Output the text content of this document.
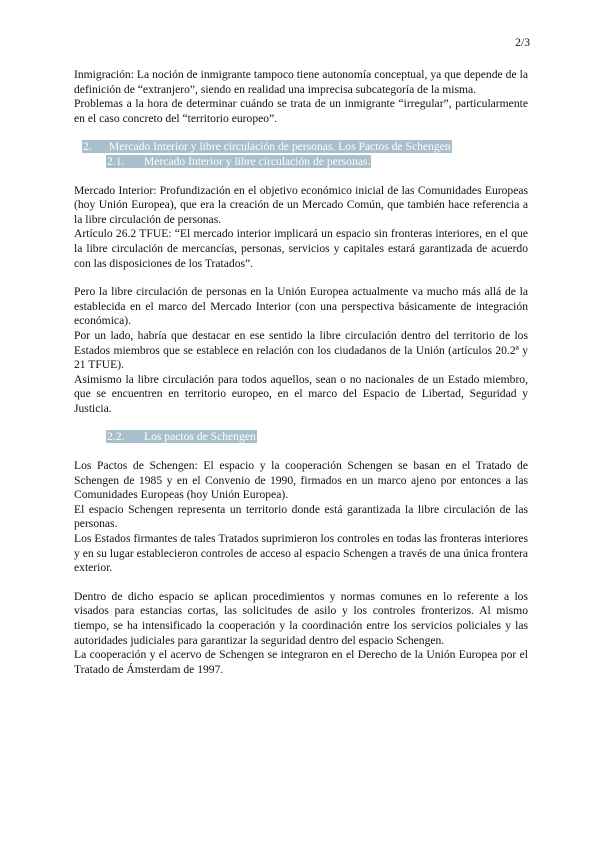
2/3

Inmigración: La noción de inmigrante tampoco tiene autonomía conceptual, ya que depende de la definición de “extranjero”, siendo en realidad una imprecisa subcategoría de la misma.

Problemas a la hora de determinar cuándo se trata de un inmigrante “irregular”, particularmente en el caso concreto del “territorio europeo”.

2. Mercado Interior y libre circulación de personas. Los Pactos de Schengen

2.1. Mercado Interior y libre circulación de personas.

Mercado Interior: Profundización en el objetivo económico inicial de las Comunidades Europeas (hoy Unión Europea), que era la creación de un Mercado Común, que también hace referencia a la libre circulación de personas.

Artículo 26.2 TFUE: “El mercado interior implicará un espacio sin fronteras interiores, en el que la libre circulación de mercancías, personas, servicios y capitales estará garantizada de acuerdo con las disposiciones de los Tratados”.

Pero la libre circulación de personas en la Unión Europea actualmente va mucho más allá de la establecida en el marco del Mercado Interior (con una perspectiva básicamente de integración económica).

Por un lado, habría que destacar en ese sentido la libre circulación dentro del territorio de los Estados miembros que se establece en relación con los ciudadanos de la Unión (artículos 20.2ª y 21 TFUE).

Asimismo la libre circulación para todos aquellos, sean o no nacionales de un Estado miembro, que se encuentren en territorio europeo, en el marco del Espacio de Libertad, Seguridad y Justicia.

2.2. Los pactos de Schengen

Los Pactos de Schengen: El espacio y la cooperación Schengen se basan en el Tratado de Schengen de 1985 y en el Convenio de 1990, firmados en un marco ajeno por entonces a las Comunidades Europeas (hoy Unión Europea).

El espacio Schengen representa un territorio donde está garantizada la libre circulación de las personas.

Los Estados firmantes de tales Tratados suprimieron los controles en todas las fronteras interiores y en su lugar establecieron controles de acceso al espacio Schengen a través de una única frontera exterior.

Dentro de dicho espacio se aplican procedimientos y normas comunes en lo referente a los visados para estancias cortas, las solicitudes de asilo y los controles fronterizos. Al mismo tiempo, se ha intensificado la cooperación y la coordinación entre los servicios policiales y las autoridades judiciales para garantizar la seguridad dentro del espacio Schengen.

La cooperación y el acervo de Schengen se integraron en el Derecho de la Unión Europea por el Tratado de Ámsterdam de 1997.
